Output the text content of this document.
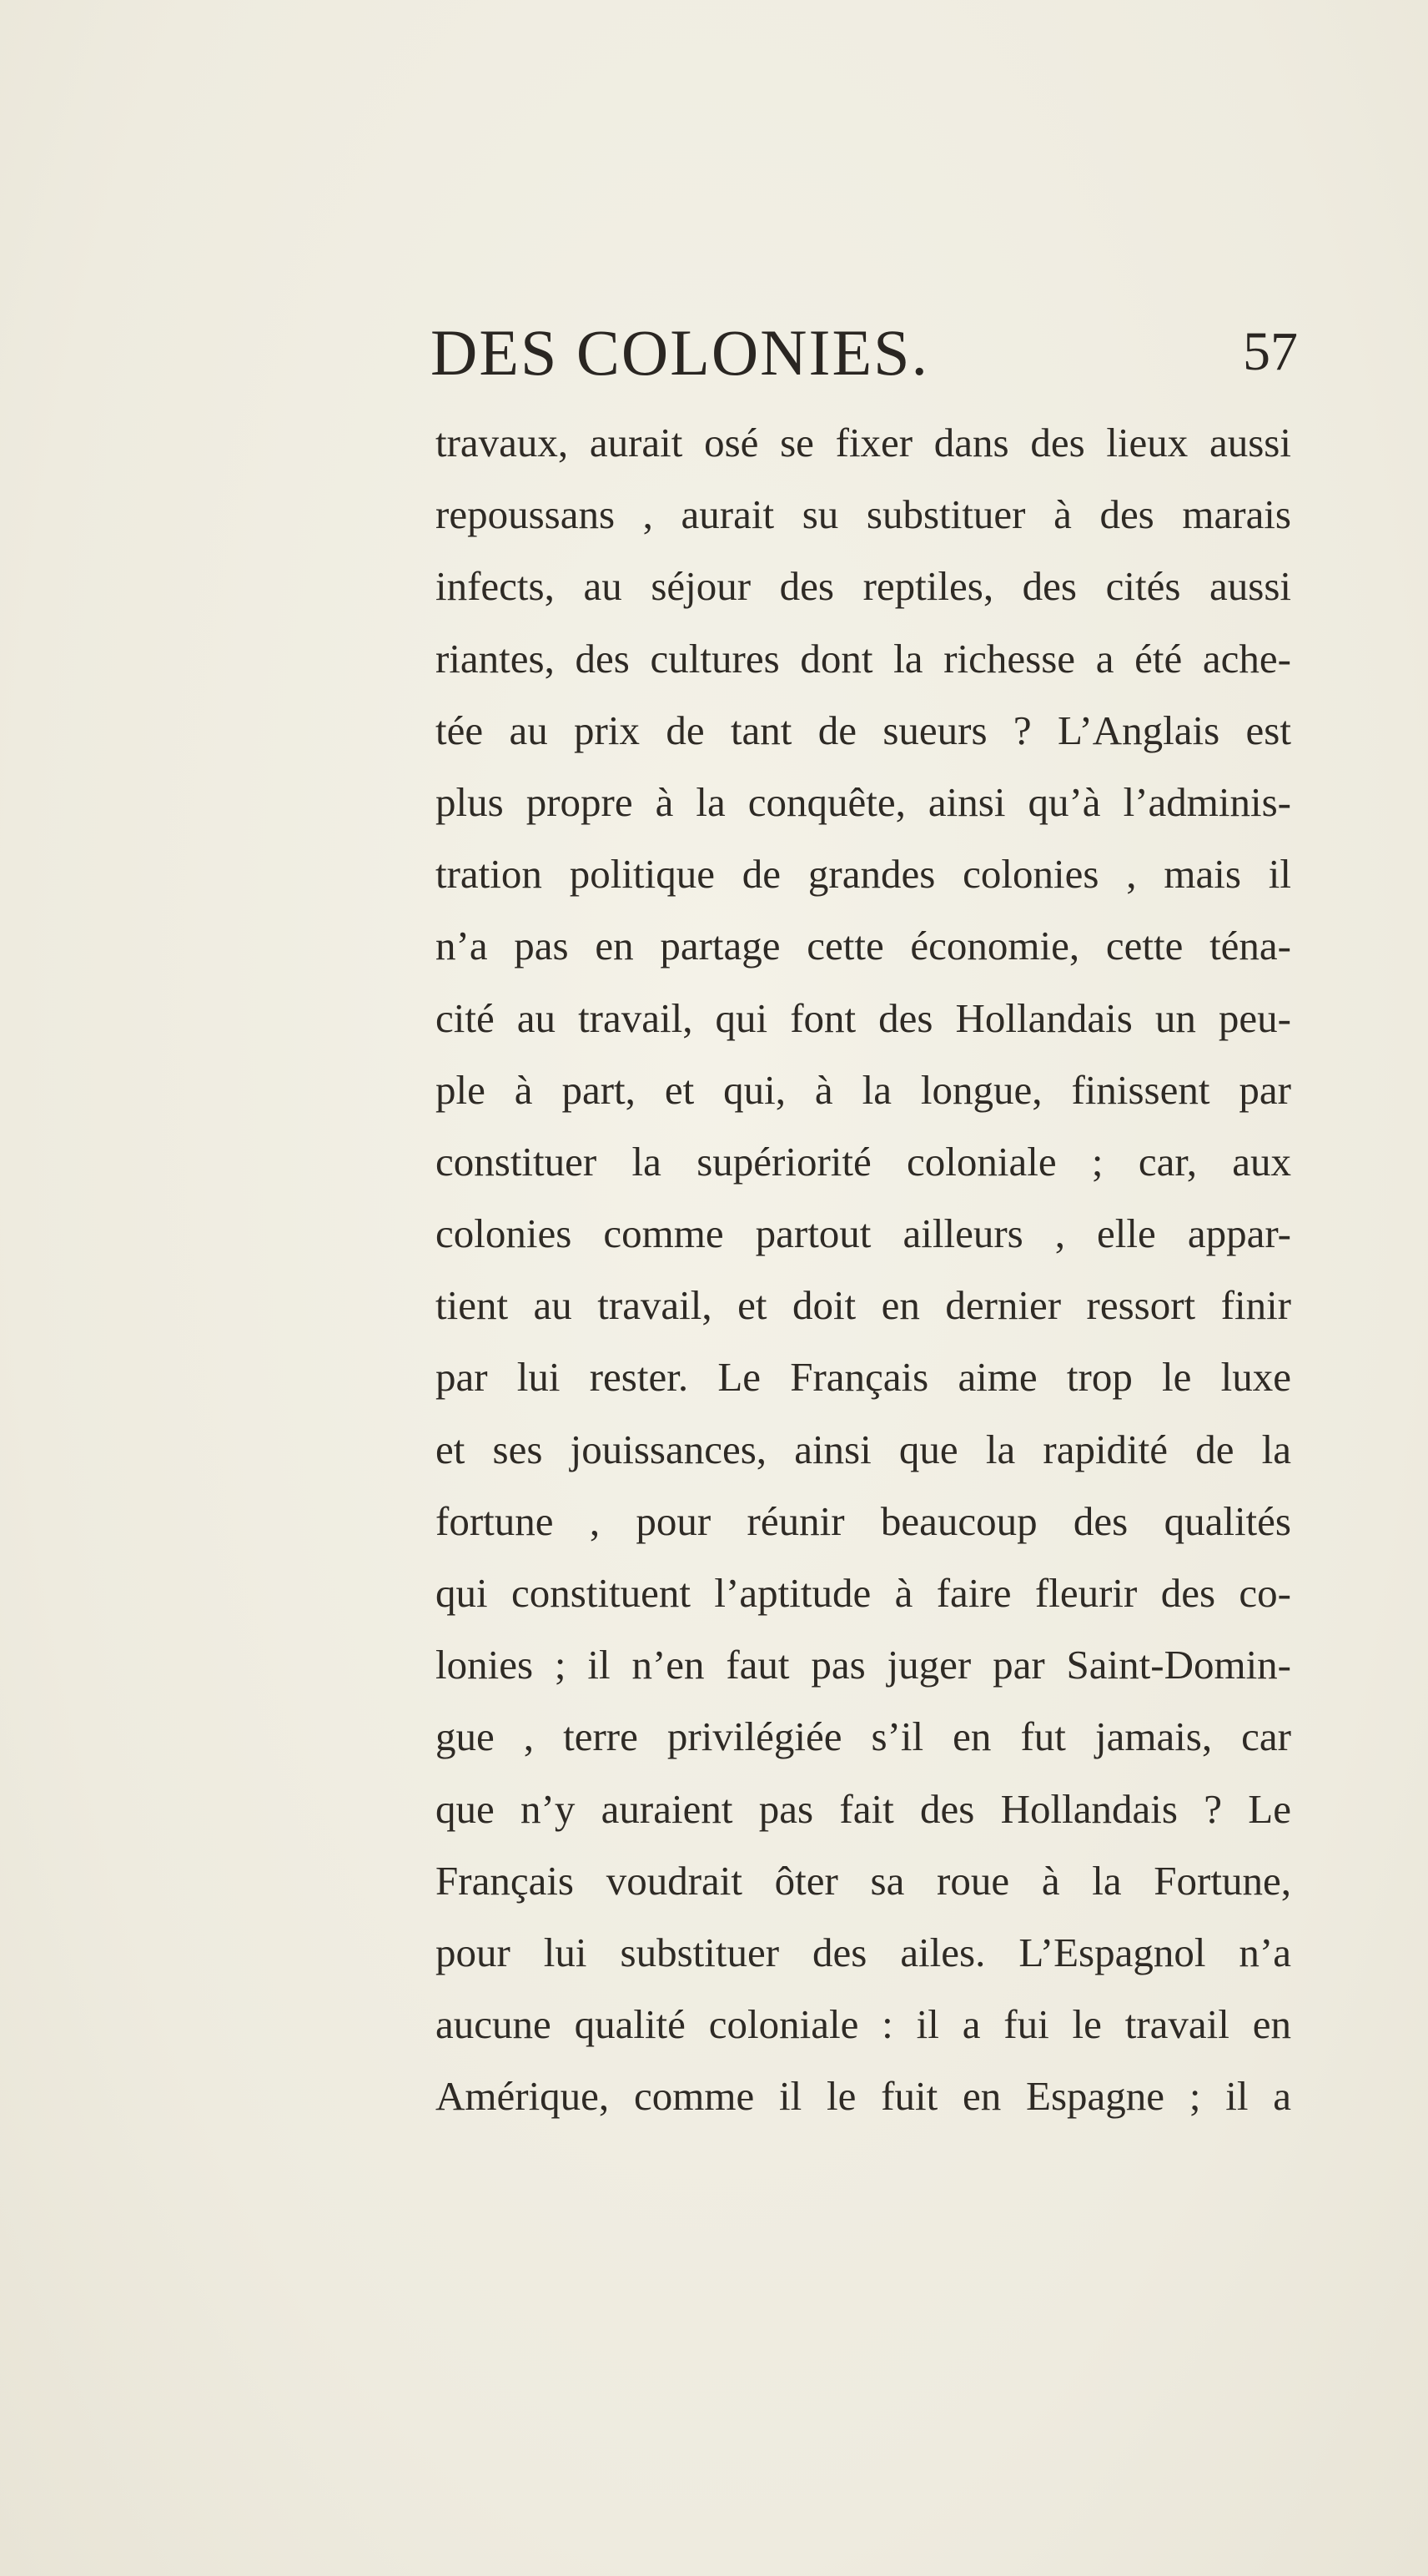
DES COLONIES.	57
travaux, aurait osé se fixer dans des lieux aussi
repoussans , aurait su substituer à des marais
infects, au séjour des reptiles, des cités aussi
riantes, des cultures dont la richesse a été ache-
tée au prix de tant de sueurs ? L’Anglais est
plus propre à la conquête, ainsi qu’à l’adminis-
tration politique de grandes colonies , mais il
n’a pas en partage cette économie, cette téna-
cité au travail, qui font des Hollandais un peu-
ple à part, et qui, à la longue, finissent par
constituer la supériorité coloniale ; car, aux
colonies comme partout ailleurs , elle appar-
tient au travail, et doit en dernier ressort finir
par lui rester. Le Français aime trop le luxe
et ses jouissances, ainsi que la rapidité de la
fortune , pour réunir beaucoup des qualités
qui constituent l’aptitude à faire fleurir des co-
lonies ; il n’en faut pas juger par Saint-Domin-
gue , terre privilégiée s’il en fut jamais, car
que n’y auraient pas fait des Hollandais ? Le
Français voudrait ôter sa roue à la Fortune,
pour lui substituer des ailes. L’Espagnol n’a
aucune qualité coloniale : il a fui le travail en
Amérique, comme il le fuit en Espagne ; il a
